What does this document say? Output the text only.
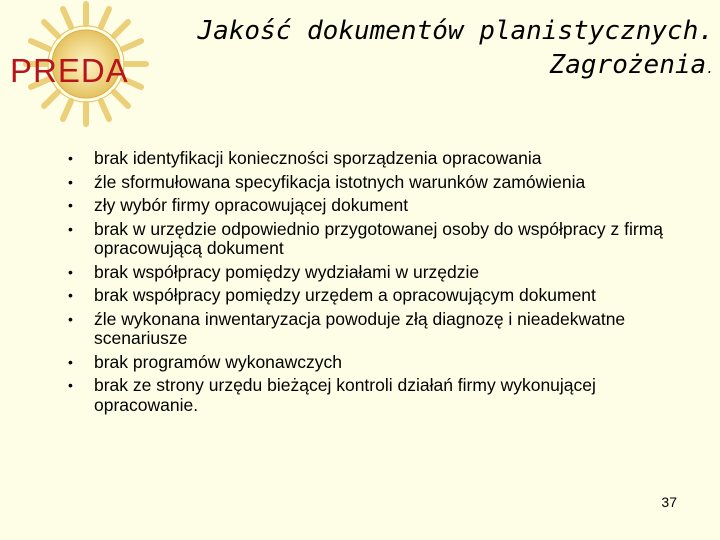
PREDA
Jakość dokumentów planistycznych.
Zagrożenia.
• brak identyfikacji konieczności sporządzenia opracowania
• źle sformułowana specyfikacja istotnych warunków zamówienia
• zły wybór firmy opracowującej dokument
• brak w urzędzie odpowiednio przygotowanej osoby do współpracy z firmą opracowującą dokument
• brak współpracy pomiędzy wydziałami w urzędzie
• brak współpracy pomiędzy urzędem a opracowującym dokument
• źle wykonana inwentaryzacja powoduje złą diagnozę i nieadekwatne scenariusze
• brak programów wykonawczych
• brak ze strony urzędu bieżącej kontroli działań firmy wykonującej opracowanie.
37
